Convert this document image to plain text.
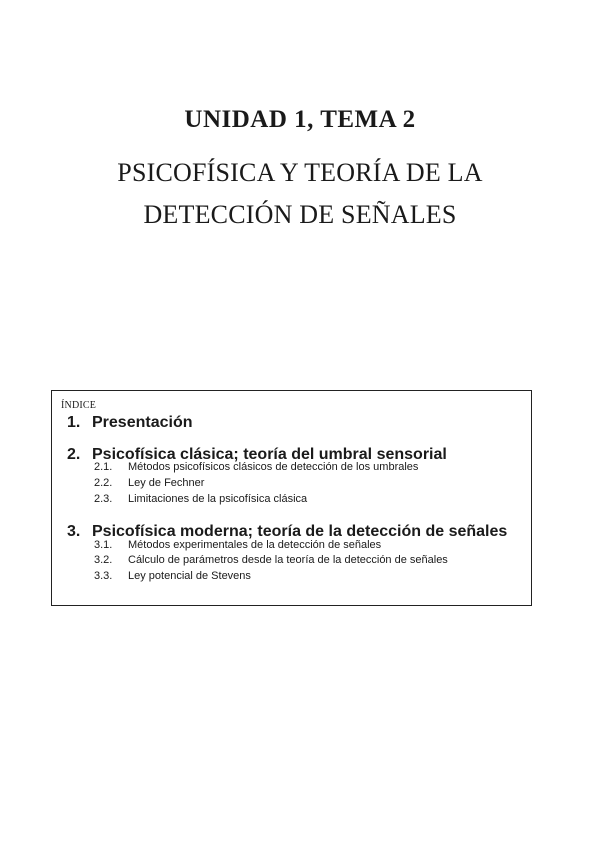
UNIDAD 1, TEMA 2
PSICOFÍSICA Y TEORÍA DE LA
DETECCIÓN DE SEÑALES
ÍNDICE
1. Presentación
2. Psicofísica clásica; teoría del umbral sensorial
2.1. Métodos psicofísicos clásicos de detección de los umbrales
2.2. Ley de Fechner
2.3. Limitaciones de la psicofísica clásica
3. Psicofísica moderna; teoría de la detección de señales
3.1. Métodos experimentales de la detección de señales
3.2. Cálculo de parámetros desde la teoría de la detección de señales
3.3. Ley potencial de Stevens
